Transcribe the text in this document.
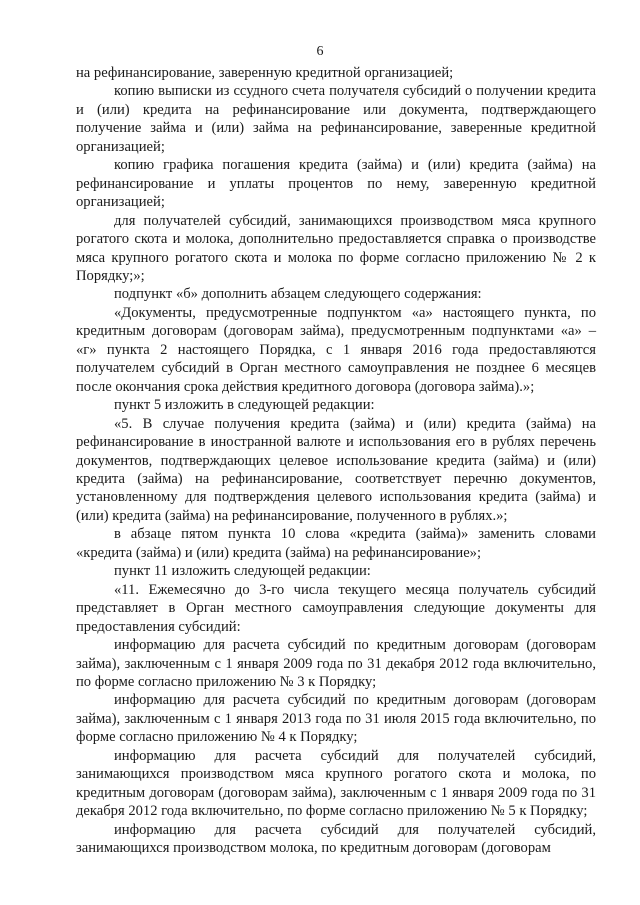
6

на рефинансирование, заверенную кредитной организацией;

копию выписки из ссудного счета получателя субсидий о получении кредита и (или) кредита на рефинансирование или документа, подтверждающего получение займа и (или) займа на рефинансирование, заверенные кредитной организацией;

копию графика погашения кредита (займа) и (или) кредита (займа) на рефинансирование и уплаты процентов по нему, заверенную кредитной организацией;

для получателей субсидий, занимающихся производством мяса крупного рогатого скота и молока, дополнительно предоставляется справка о производстве мяса крупного рогатого скота и молока по форме согласно приложению № 2 к Порядку;»;

подпункт «б» дополнить абзацем следующего содержания:

«Документы, предусмотренные подпунктом «а» настоящего пункта, по кредитным договорам (договорам займа), предусмотренным подпунктами «а» – «г» пункта 2 настоящего Порядка, с 1 января 2016 года предоставляются получателем субсидий в Орган местного самоуправления не позднее 6 месяцев после окончания срока действия кредитного договора (договора займа).»;

пункт 5 изложить в следующей редакции:

«5. В случае получения кредита (займа) и (или) кредита (займа) на рефинансирование в иностранной валюте и использования его в рублях перечень документов, подтверждающих целевое использование кредита (займа) и (или) кредита (займа) на рефинансирование, соответствует перечню документов, установленному для подтверждения целевого использования кредита (займа) и (или) кредита (займа) на рефинансирование, полученного в рублях.»;

в абзаце пятом пункта 10 слова «кредита (займа)» заменить словами «кредита (займа) и (или) кредита (займа) на рефинансирование»;

пункт 11 изложить следующей редакции:

«11. Ежемесячно до 3-го числа текущего месяца получатель субсидий представляет в Орган местного самоуправления следующие документы для предоставления субсидий:

информацию для расчета субсидий по кредитным договорам (договорам займа), заключенным с 1 января 2009 года по 31 декабря 2012 года включительно, по форме согласно приложению № 3 к Порядку;

информацию для расчета субсидий по кредитным договорам (договорам займа), заключенным с 1 января 2013 года по 31 июля 2015 года включительно, по форме согласно приложению № 4 к Порядку;

информацию для расчета субсидий для получателей субсидий, занимающихся производством мяса крупного рогатого скота и молока, по кредитным договорам (договорам займа), заключенным с 1 января 2009 года по 31 декабря 2012 года включительно, по форме согласно приложению № 5 к Порядку;

информацию для расчета субсидий для получателей субсидий, занимающихся производством молока, по кредитным договорам (договорам
